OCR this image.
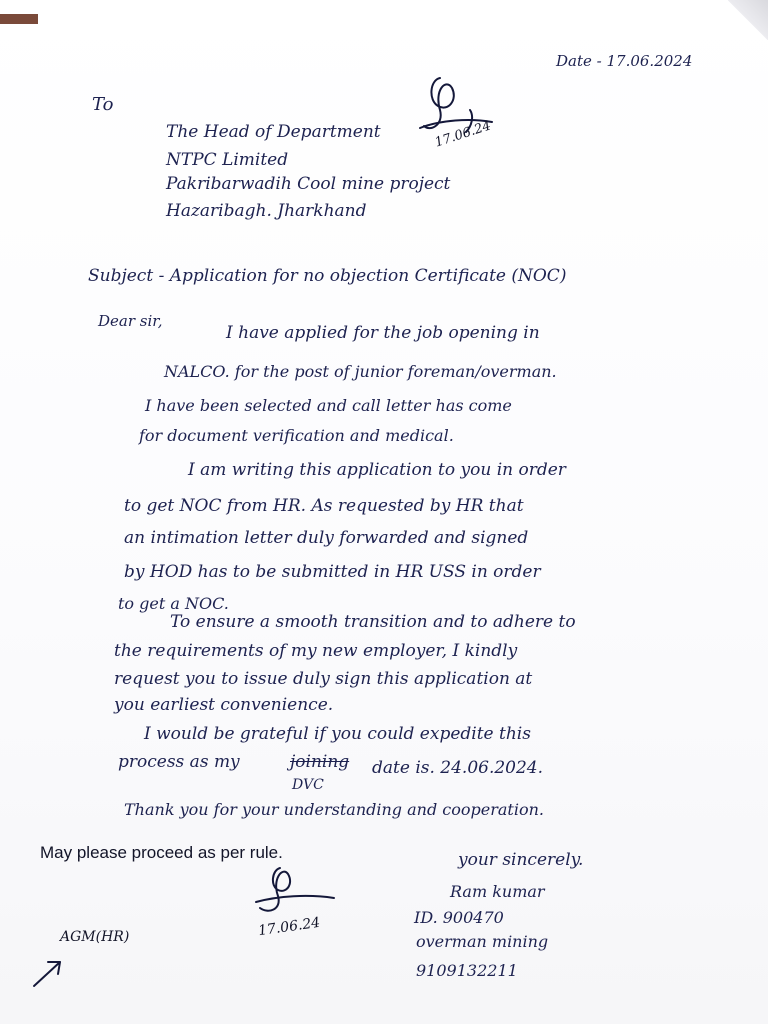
Date - 17.06.2024
To
The Head of Department
NTPC Limited
Pakribarwadih Cool mine project
Hazaribagh. Jharkhand
17.06.24
Subject - Application for no objection Certificate (NOC)
Dear sir,
I have applied for the job opening in
NALCO. for the post of junior foreman/overman.
I have been selected and call letter has come
for document verification and medical.
I am writing this application to you in order
to get NOC from HR. As requested by HR that
an intimation letter duly forwarded and signed
by HOD has to be submitted in HR USS in order
to get a NOC.
To ensure a smooth transition and to adhere to
the requirements of my new employer, I kindly
request you to issue duly sign this application at
you earliest convenience.
I would be grateful if you could expedite this
process as my	joining
DVC
date is. 24.06.2024.
Thank you for your understanding and cooperation.
May please proceed as per rule.	your sincerely.
Ram kumar
ID. 900470
overman mining
9109132211
17.06.24
AGM(HR)
